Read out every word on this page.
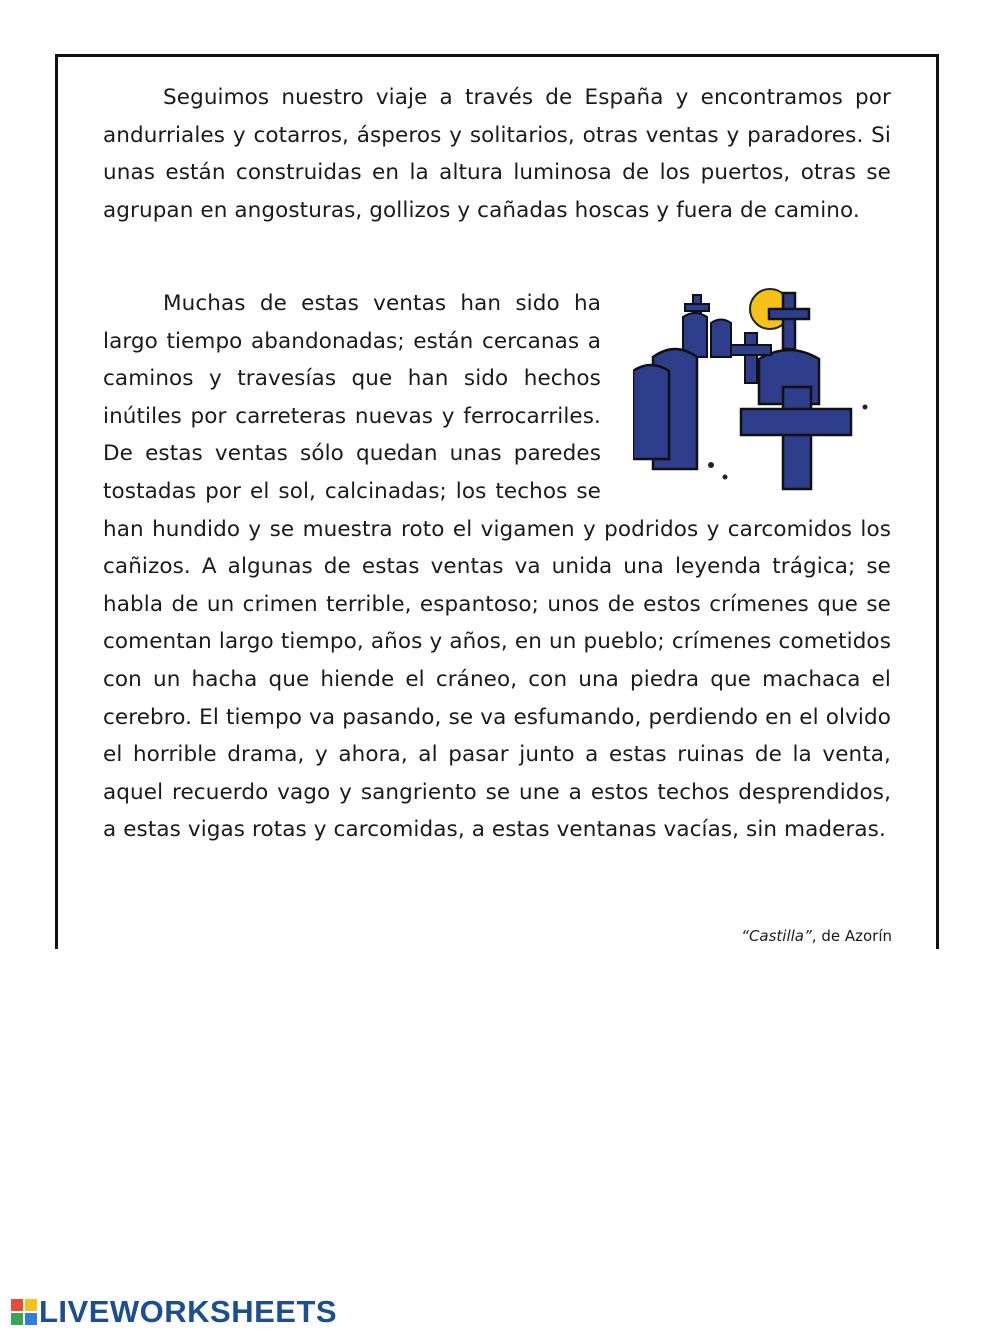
Seguimos nuestro viaje a través de España y encontramos por andurriales y cotarros, ásperos y solitarios, otras ventas y paradores. Si unas están construidas en la altura luminosa de los puertos, otras se agrupan en angosturas, gollizos y cañadas hoscas y fuera de camino.

Muchas de estas ventas han sido ha largo tiempo abandonadas; están cercanas a caminos y travesías que han sido hechos inútiles por carreteras nuevas y ferrocarriles. De estas ventas sólo quedan unas paredes tostadas por el sol, calcinadas; los techos se han hundido y se muestra roto el vigamen y podridos y carcomidos los cañizos. A algunas de estas ventas va unida una leyenda trágica; se habla de un crimen terrible, espantoso; unos de estos crímenes que se comentan largo tiempo, años y años, en un pueblo; crímenes cometidos con un hacha que hiende el cráneo, con una piedra que machaca el cerebro. El tiempo va pasando, se va esfumando, perdiendo en el olvido el horrible drama, y ahora, al pasar junto a estas ruinas de la venta, aquel recuerdo vago y sangriento se une a estos techos desprendidos, a estas vigas rotas y carcomidas, a estas ventanas vacías, sin maderas.

“Castilla”, de Azorín
LIVEWORKSHEETS
